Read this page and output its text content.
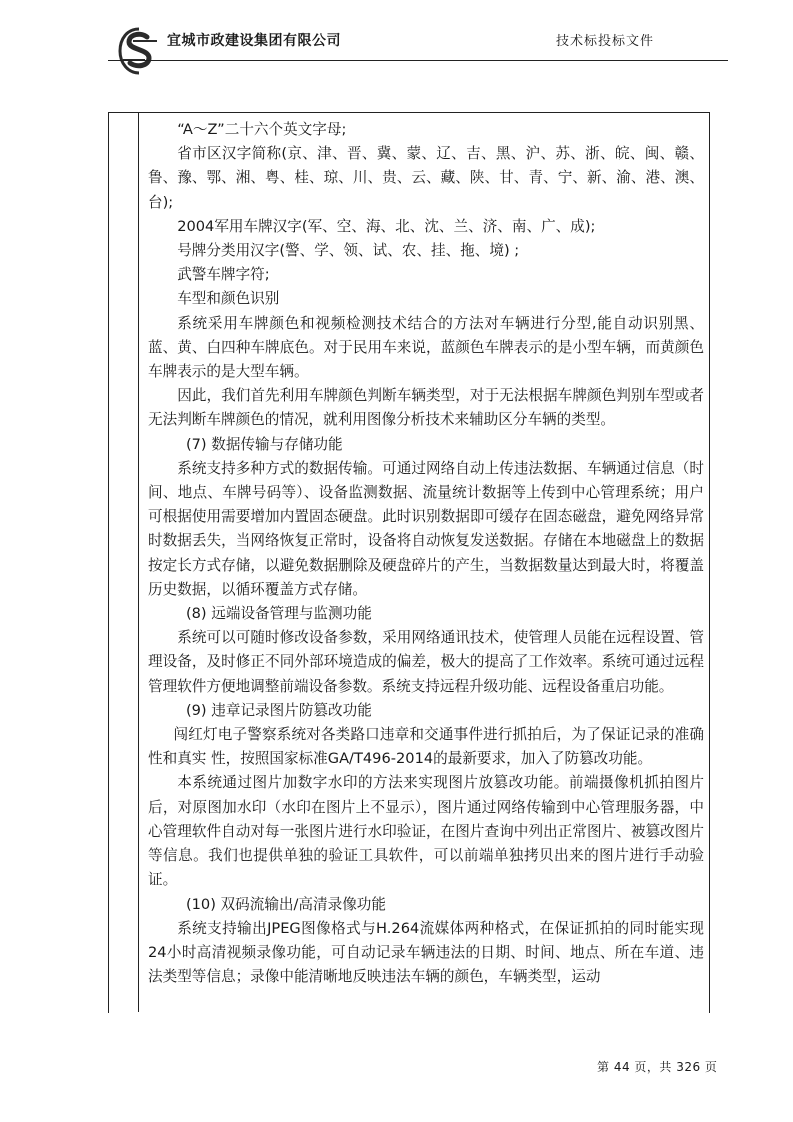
宜城市政建设集团有限公司	技术标投标文件

“A～Z”二十六个英文字母;

省市区汉字简称(京、津、晋、冀、蒙、辽、吉、黑、沪、苏、浙、皖、闽、赣、鲁、豫、鄂、湘、粤、桂、琼、川、贵、云、藏、陕、甘、青、宁、新、渝、港、澳、台);

2004军用车牌汉字(军、空、海、北、沈、兰、济、南、广、成);

号牌分类用汉字(警、学、领、试、农、挂、拖、境) ;

武警车牌字符;

车型和颜色识别

系统采用车牌颜色和视频检测技术结合的方法对车辆进行分型,能自动识别黑、蓝、黄、白四种车牌底色。对于民用车来说，蓝颜色车牌表示的是小型车辆，而黄颜色车牌表示的是大型车辆。

因此，我们首先利用车牌颜色判断车辆类型，对于无法根据车牌颜色判别车型或者无法判断车牌颜色的情况，就利用图像分析技术来辅助区分车辆的类型。

(7) 数据传输与存储功能

系统支持多种方式的数据传输。可通过网络自动上传违法数据、车辆通过信息（时间、地点、车牌号码等）、设备监测数据、流量统计数据等上传到中心管理系统；用户可根据使用需要增加内置固态硬盘。此时识别数据即可缓存在固态磁盘，避免网络异常时数据丢失，当网络恢复正常时，设备将自动恢复发送数据。存储在本地磁盘上的数据按定长方式存储，以避免数据删除及硬盘碎片的产生，当数据数量达到最大时，将覆盖历史数据，以循环覆盖方式存储。

(8) 远端设备管理与监测功能

系统可以可随时修改设备参数，采用网络通讯技术，使管理人员能在远程设置、管理设备，及时修正不同外部环境造成的偏差，极大的提高了工作效率。系统可通过远程管理软件方便地调整前端设备参数。系统支持远程升级功能、远程设备重启功能。

(9) 违章记录图片防篡改功能

闯红灯电子警察系统对各类路口违章和交通事件进行抓拍后，为了保证记录的准确性和真实 性，按照国家标准GA/T496-2014的最新要求，加入了防篡改功能。

本系统通过图片加数字水印的方法来实现图片放篡改功能。前端摄像机抓拍图片后，对原图加水印（水印在图片上不显示），图片通过网络传输到中心管理服务器，中心管理软件自动对每一张图片进行水印验证，在图片查询中列出正常图片、被篡改图片等信息。我们也提供单独的验证工具软件，可以前端单独拷贝出来的图片进行手动验证。

(10) 双码流输出/高清录像功能

系统支持输出JPEG图像格式与H.264流媒体两种格式，在保证抓拍的同时能实现24小时高清视频录像功能，可自动记录车辆违法的日期、时间、地点、所在车道、违法类型等信息；录像中能清晰地反映违法车辆的颜色，车辆类型，运动

第 44 页，共 326 页
